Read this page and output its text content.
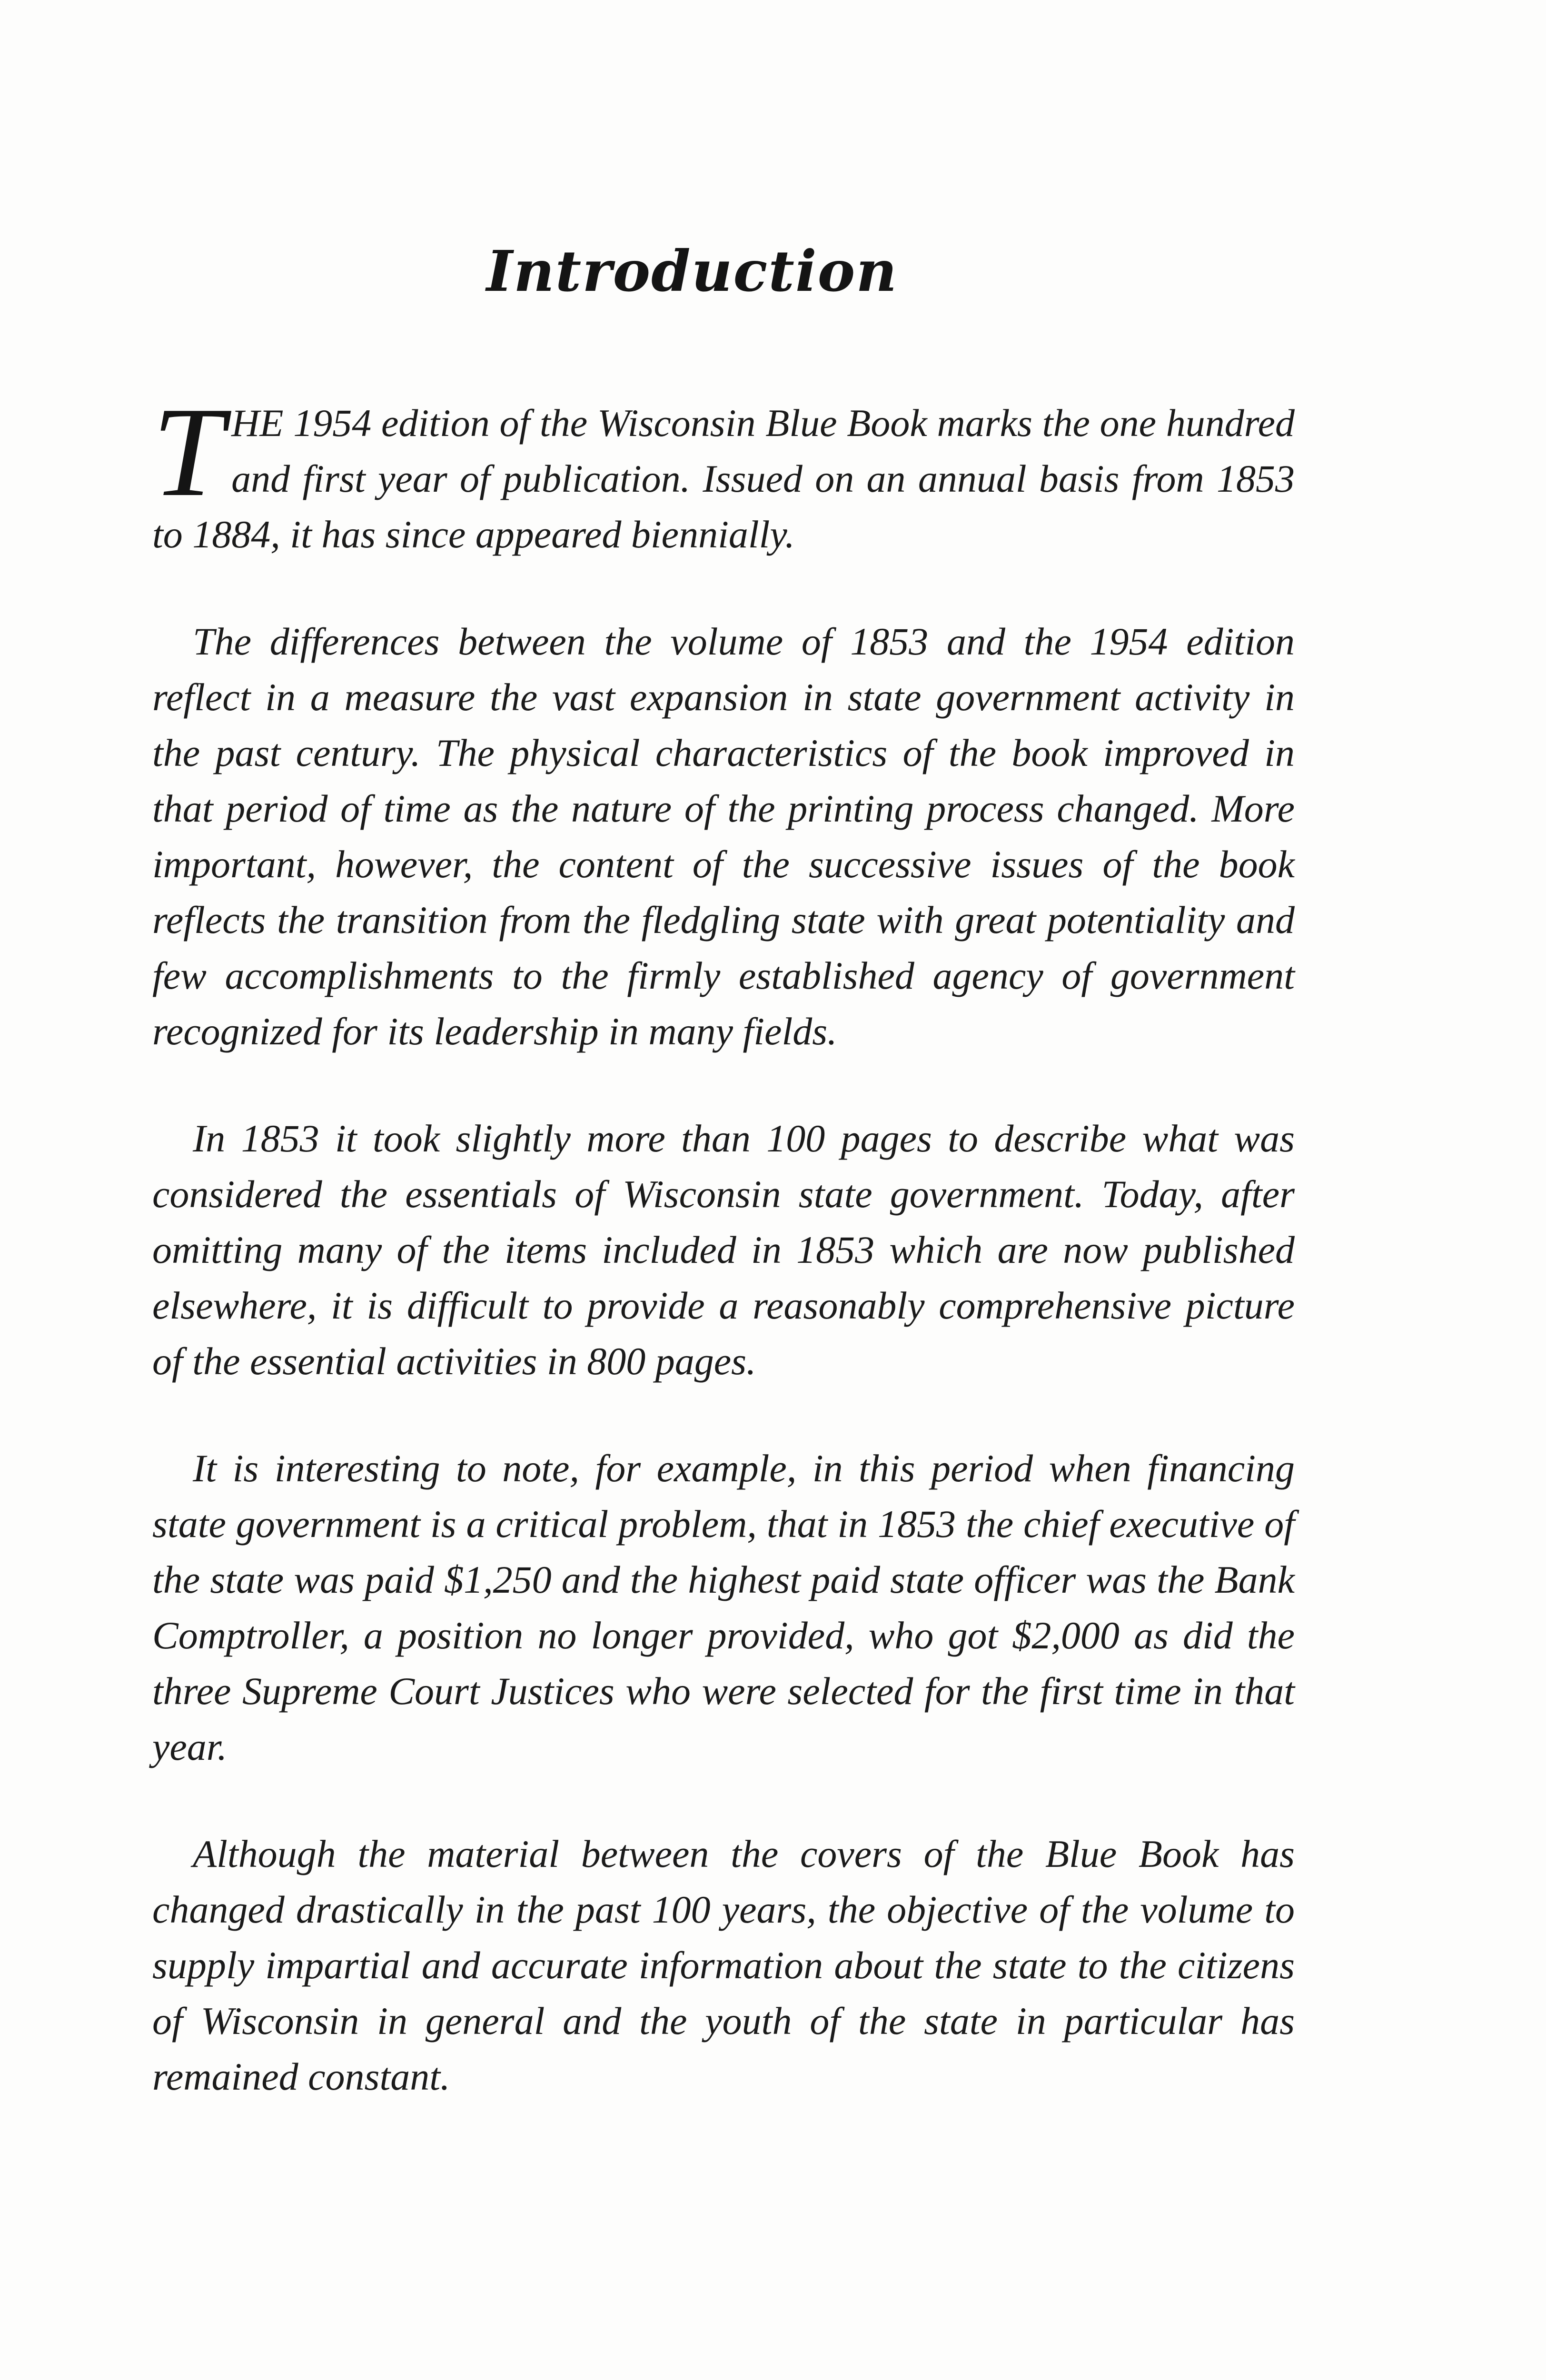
Introduction

THE 1954 edition of the Wisconsin Blue Book marks the one hundred and first year of publication. Issued on an annual basis from 1853 to 1884, it has since appeared biennially.

The differences between the volume of 1853 and the 1954 edition reflect in a measure the vast expansion in state government activity in the past century. The physical characteristics of the book improved in that period of time as the nature of the printing process changed. More important, however, the content of the successive issues of the book reflects the transition from the fledgling state with great potentiality and few accomplishments to the firmly established agency of government recognized for its leadership in many fields.

In 1853 it took slightly more than 100 pages to describe what was considered the essentials of Wisconsin state government. Today, after omitting many of the items included in 1853 which are now published elsewhere, it is difficult to provide a reasonably comprehensive picture of the essential activities in 800 pages.

It is interesting to note, for example, in this period when financing state government is a critical problem, that in 1853 the chief executive of the state was paid $1,250 and the highest paid state officer was the Bank Comptroller, a position no longer provided, who got $2,000 as did the three Supreme Court Justices who were selected for the first time in that year.

Although the material between the covers of the Blue Book has changed drastically in the past 100 years, the objective of the volume to supply impartial and accurate information about the state to the citizens of Wisconsin in general and the youth of the state in particular has remained constant.
